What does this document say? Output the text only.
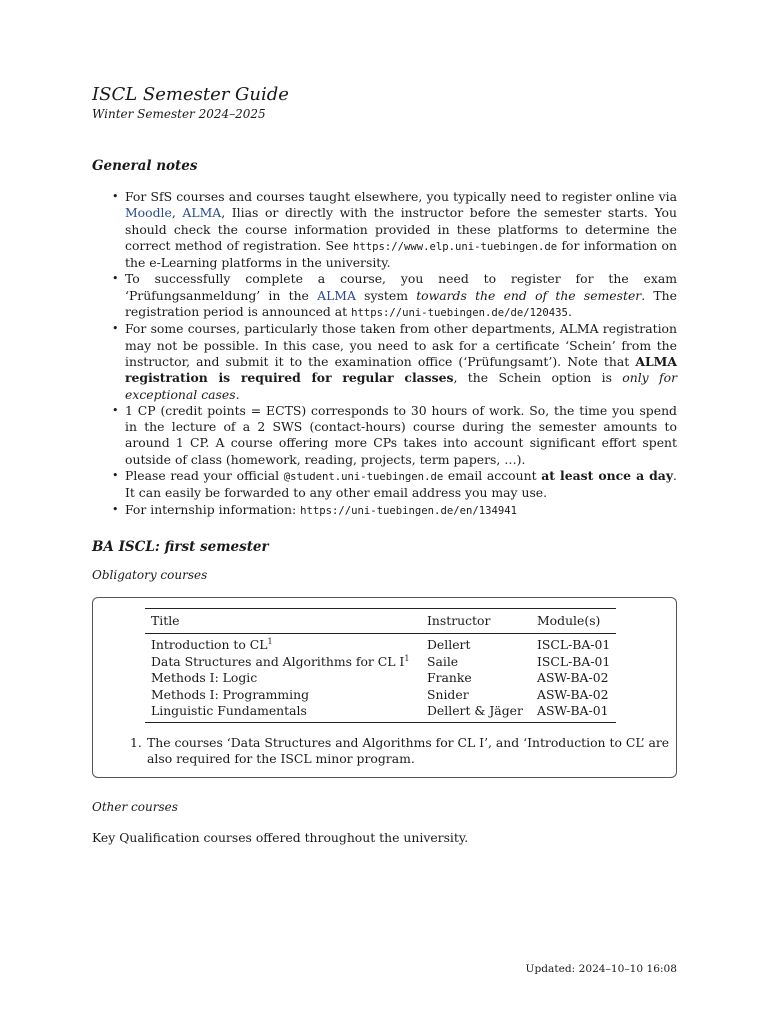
ISCL Semester Guide
Winter Semester 2024–2025
General notes
• For SfS courses and courses taught elsewhere, you typically need to register online via Moodle, ALMA, Ilias or directly with the instructor before the semester starts. You should check the course information provided in these platforms to determine the correct method of registration. See https://www.elp.uni-tuebingen.de for information on the e-Learning platforms in the university.
• To successfully complete a course, you need to register for the exam ‘Prüfungsanmeldung’ in the ALMA system towards the end of the semester. The registration period is announced at https://uni-tuebingen.de/de/120435.
• For some courses, particularly those taken from other departments, ALMA registration may not be possible. In this case, you need to ask for a certificate ‘Schein’ from the instructor, and submit it to the examination office (‘Prüfungsamt’). Note that ALMA registration is required for regular classes, the Schein option is only for exceptional cases.
• 1 CP (credit points = ECTS) corresponds to 30 hours of work. So, the time you spend in the lecture of a 2 SWS (contact-hours) course during the semester amounts to around 1 CP. A course offering more CPs takes into account significant effort spent outside of class (homework, reading, projects, term papers, …).
• Please read your official @student.uni-tuebingen.de email account at least once a day. It can easily be forwarded to any other email address you may use.
• For internship information: https://uni-tuebingen.de/en/134941
BA ISCL: first semester
Obligatory courses
Title	Instructor	Module(s)
Introduction to $CL^1$	Dellert	ISCL-BA-01
Data Structures and Algorithms for CL $I^1$	Saile	ISCL-BA-01
Methods I: Logic	Franke	ASW-BA-02
Methods I: Programming	Snider	ASW-BA-02
Linguistic Fundamentals	Dellert & Jäger	ASW-BA-01
1. The courses ‘Data Structures and Algorithms for CL I’, and ‘Introduction to CL’ are also required for the ISCL minor program.
Other courses

Key Qualification courses offered throughout the university.

Updated: 2024–10–10 16:08
